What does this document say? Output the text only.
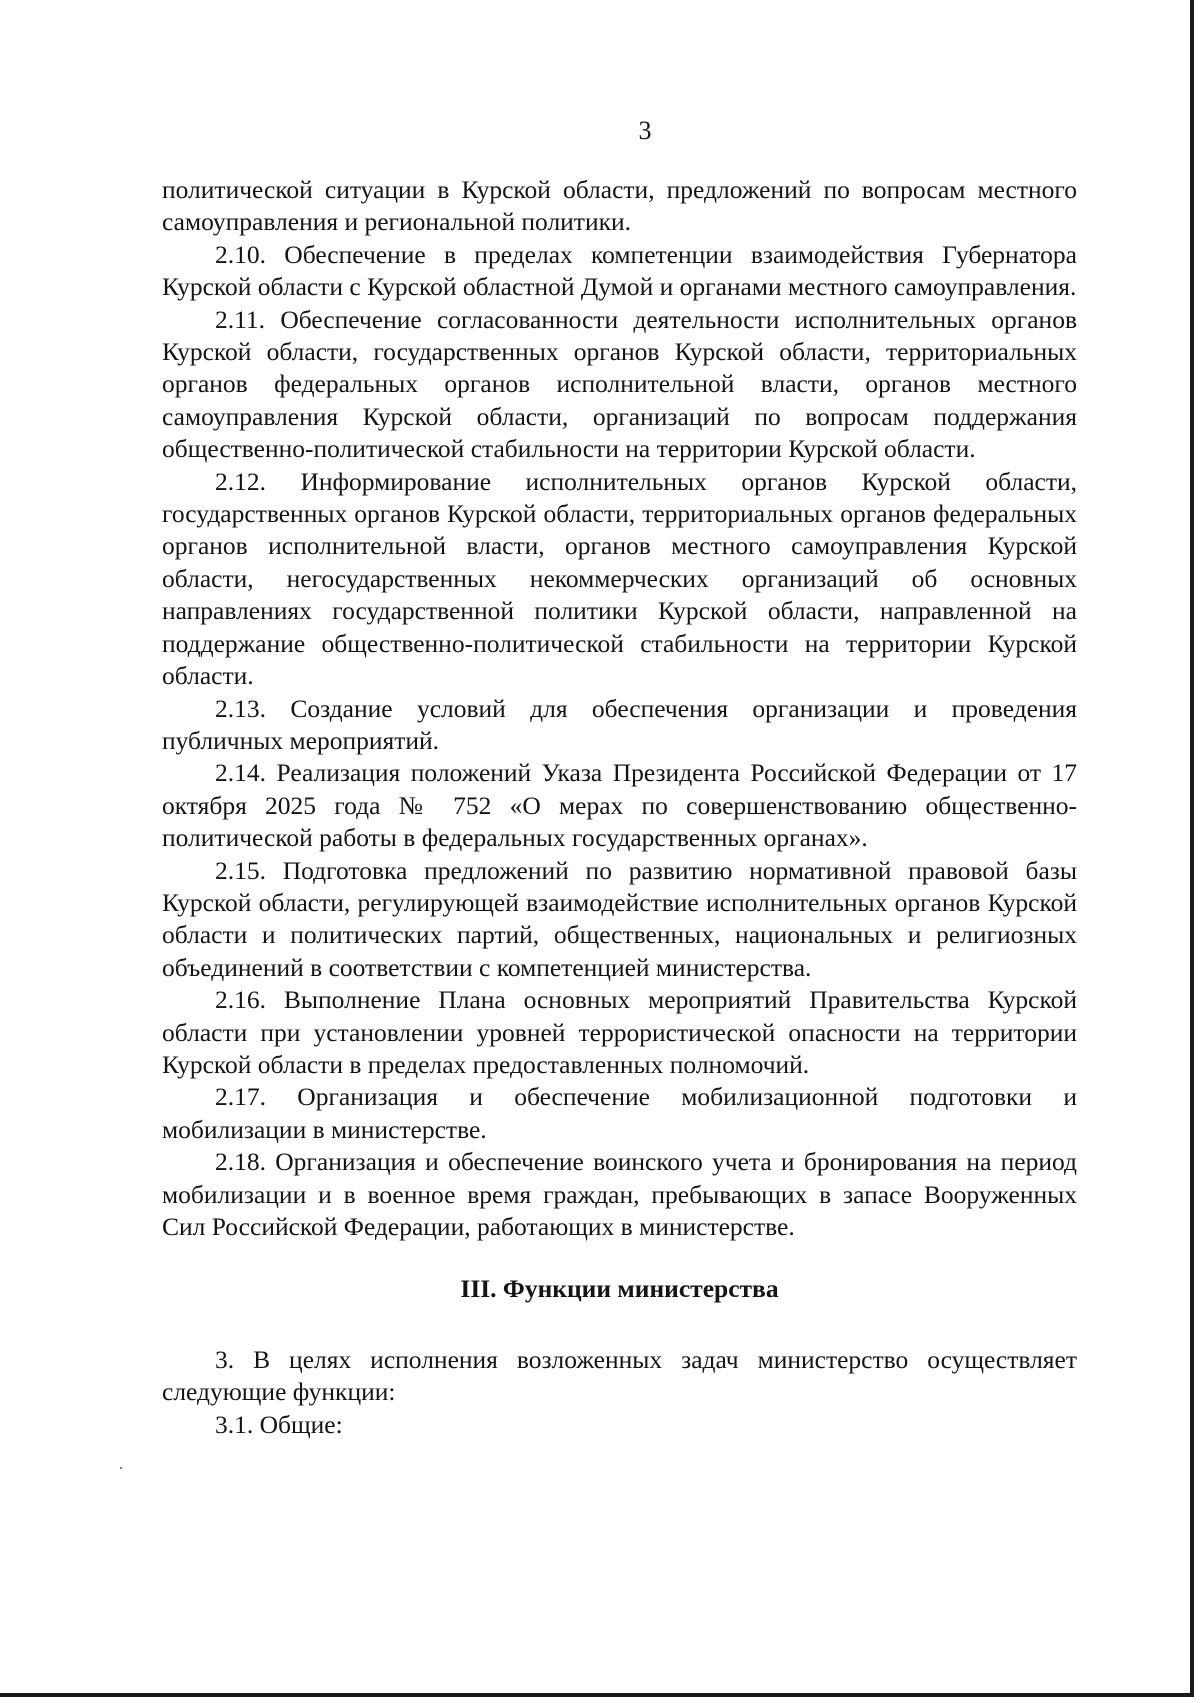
3

политической ситуации в Курской области, предложений по вопросам местного самоуправления и региональной политики.

2.10. Обеспечение в пределах компетенции взаимодействия Губернатора Курской области с Курской областной Думой и органами местного самоуправления.

2.11. Обеспечение согласованности деятельности исполнительных органов Курской области, государственных органов Курской области, территориальных органов федеральных органов исполнительной власти, органов местного самоуправления Курской области, организаций по вопросам поддержания общественно-политической стабильности на территории Курской области.

2.12. Информирование исполнительных органов Курской области, государственных органов Курской области, территориальных органов федеральных органов исполнительной власти, органов местного самоуправления Курской области, негосударственных некоммерческих организаций об основных направлениях государственной политики Курской области, направленной на поддержание общественно-политической стабильности на территории Курской области.

2.13. Создание условий для обеспечения организации и проведения публичных мероприятий.

2.14. Реализация положений Указа Президента Российской Федерации от 17 октября 2025 года № 752 «О мерах по совершенствованию общественно-политической работы в федеральных государственных органах».

2.15. Подготовка предложений по развитию нормативной правовой базы Курской области, регулирующей взаимодействие исполнительных органов Курской области и политических партий, общественных, национальных и религиозных объединений в соответствии с компетенцией министерства.

2.16. Выполнение Плана основных мероприятий Правительства Курской области при установлении уровней террористической опасности на территории Курской области в пределах предоставленных полномочий.

2.17. Организация и обеспечение мобилизационной подготовки и мобилизации в министерстве.

2.18. Организация и обеспечение воинского учета и бронирования на период мобилизации и в военное время граждан, пребывающих в запасе Вооруженных Сил Российской Федерации, работающих в министерстве.

III. Функции министерства

3. В целях исполнения возложенных задач министерство осуществляет следующие функции:

3.1. Общие:
